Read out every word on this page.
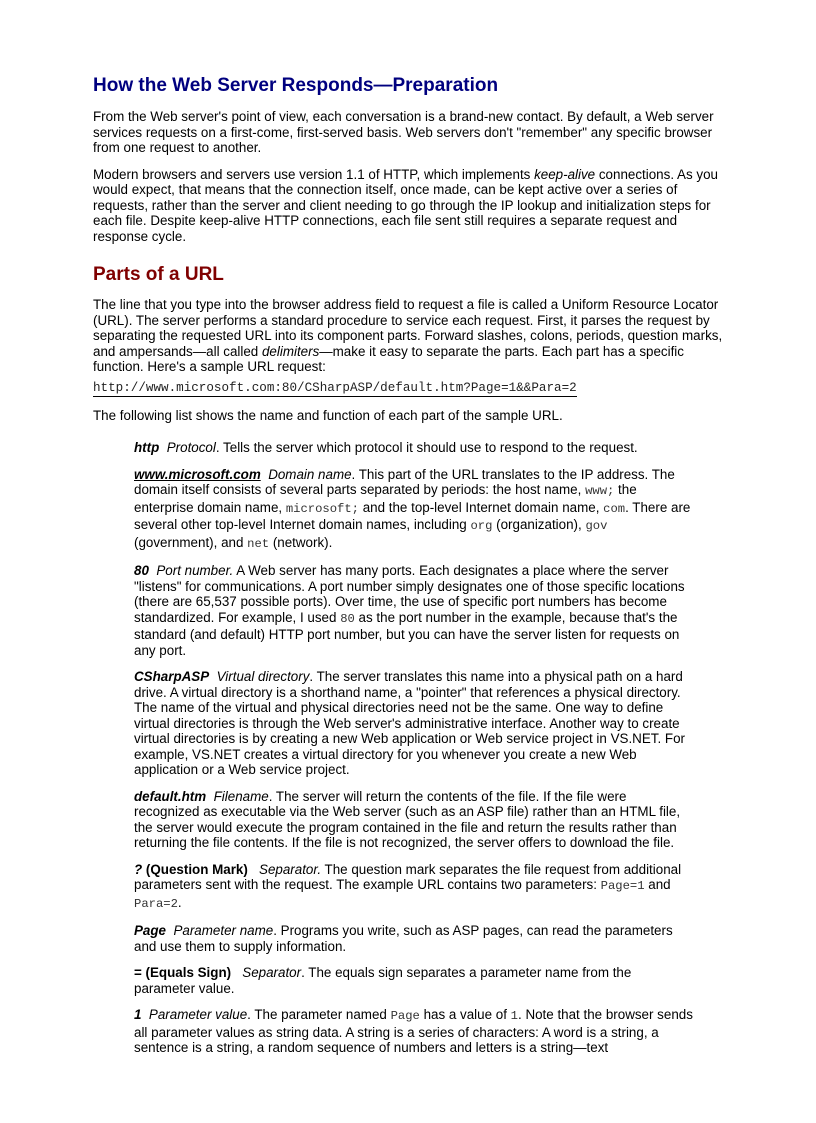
How the Web Server Responds—Preparation

From the Web server's point of view, each conversation is a brand-new contact. By default, a Web server services requests on a first-come, first-served basis. Web servers don't "remember" any specific browser from one request to another.

Modern browsers and servers use version 1.1 of HTTP, which implements keep-alive connections. As you would expect, that means that the connection itself, once made, can be kept active over a series of requests, rather than the server and client needing to go through the IP lookup and initialization steps for each file. Despite keep-alive HTTP connections, each file sent still requires a separate request and response cycle.

Parts of a URL

The line that you type into the browser address field to request a file is called a Uniform Resource Locator (URL). The server performs a standard procedure to service each request. First, it parses the request by separating the requested URL into its component parts. Forward slashes, colons, periods, question marks, and ampersands—all called delimiters—make it easy to separate the parts. Each part has a specific function. Here's a sample URL request:

http://www.microsoft.com:80/CSharpASP/default.htm?Page=1&&Para=2

The following list shows the name and function of each part of the sample URL.

http Protocol. Tells the server which protocol it should use to respond to the request.

www.microsoft.com Domain name. This part of the URL translates to the IP address. The domain itself consists of several parts separated by periods: the host name, www; the enterprise domain name, microsoft; and the top-level Internet domain name, com. There are several other top-level Internet domain names, including org (organization), gov (government), and net (network).

80 Port number. A Web server has many ports. Each designates a place where the server "listens" for communications. A port number simply designates one of those specific locations (there are 65,537 possible ports). Over time, the use of specific port numbers has become standardized. For example, I used 80 as the port number in the example, because that's the standard (and default) HTTP port number, but you can have the server listen for requests on any port.

CSharpASP Virtual directory. The server translates this name into a physical path on a hard drive. A virtual directory is a shorthand name, a "pointer" that references a physical directory. The name of the virtual and physical directories need not be the same. One way to define virtual directories is through the Web server's administrative interface. Another way to create virtual directories is by creating a new Web application or Web service project in VS.NET. For example, VS.NET creates a virtual directory for you whenever you create a new Web application or a Web service project.

default.htm Filename. The server will return the contents of the file. If the file were recognized as executable via the Web server (such as an ASP file) rather than an HTML file, the server would execute the program contained in the file and return the results rather than returning the file contents. If the file is not recognized, the server offers to download the file.

? (Question Mark) Separator. The question mark separates the file request from additional parameters sent with the request. The example URL contains two parameters: Page=1 and Para=2.

Page Parameter name. Programs you write, such as ASP pages, can read the parameters and use them to supply information.

= (Equals Sign) Separator. The equals sign separates a parameter name from the parameter value.

1 Parameter value. The parameter named Page has a value of 1. Note that the browser sends all parameter values as string data. A string is a series of characters: A word is a string, a sentence is a string, a random sequence of numbers and letters is a string—text
